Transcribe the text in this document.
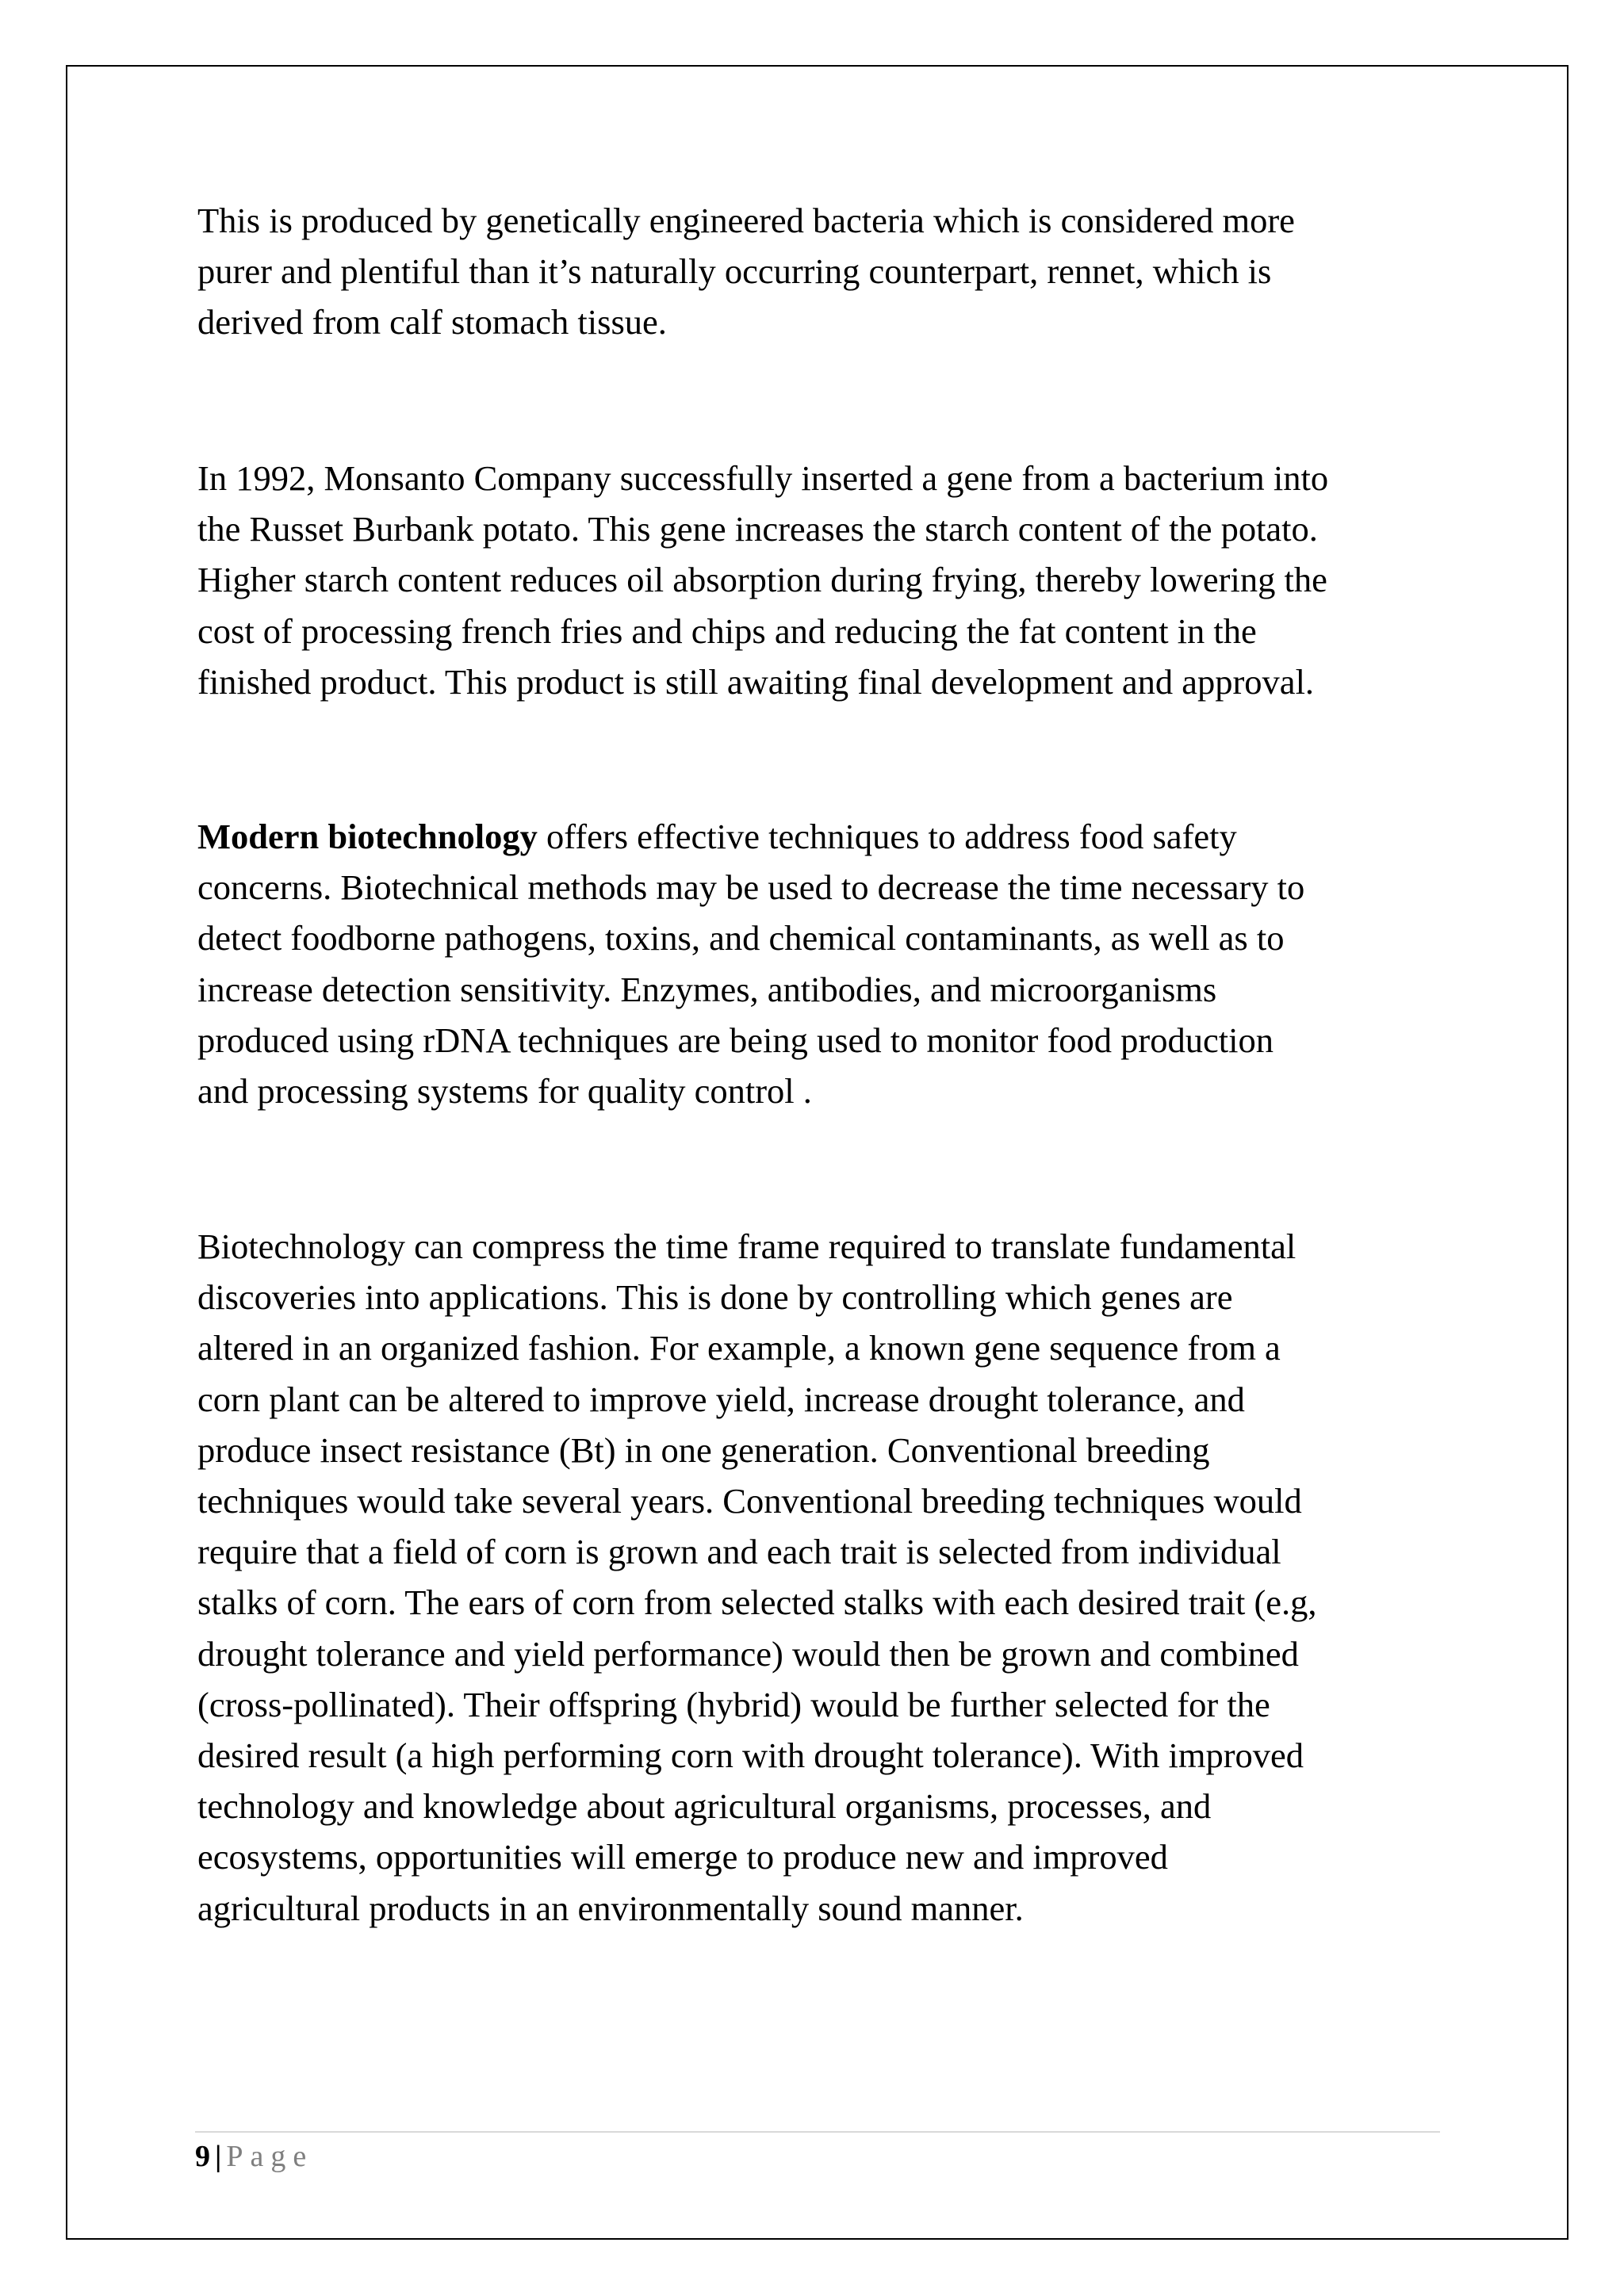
This is produced by genetically engineered bacteria which is considered more
purer and plentiful than it’s naturally occurring counterpart, rennet, which is
derived from calf stomach tissue.

In 1992, Monsanto Company successfully inserted a gene from a bacterium into
the Russet Burbank potato. This gene increases the starch content of the potato.
Higher starch content reduces oil absorption during frying, thereby lowering the
cost of processing french fries and chips and reducing the fat content in the
finished product. This product is still awaiting final development and approval.

Modern biotechnology offers effective techniques to address food safety
concerns. Biotechnical methods may be used to decrease the time necessary to
detect foodborne pathogens, toxins, and chemical contaminants, as well as to
increase detection sensitivity. Enzymes, antibodies, and microorganisms
produced using rDNA techniques are being used to monitor food production
and processing systems for quality control .

Biotechnology can compress the time frame required to translate fundamental
discoveries into applications. This is done by controlling which genes are
altered in an organized fashion. For example, a known gene sequence from a
corn plant can be altered to improve yield, increase drought tolerance, and
produce insect resistance (Bt) in one generation. Conventional breeding
techniques would take several years. Conventional breeding techniques would
require that a field of corn is grown and each trait is selected from individual
stalks of corn. The ears of corn from selected stalks with each desired trait (e.g,
drought tolerance and yield performance) would then be grown and combined
(cross-pollinated). Their offspring (hybrid) would be further selected for the
desired result (a high performing corn with drought tolerance). With improved
technology and knowledge about agricultural organisms, processes, and
ecosystems, opportunities will emerge to produce new and improved
agricultural products in an environmentally sound manner.

9 | Page
